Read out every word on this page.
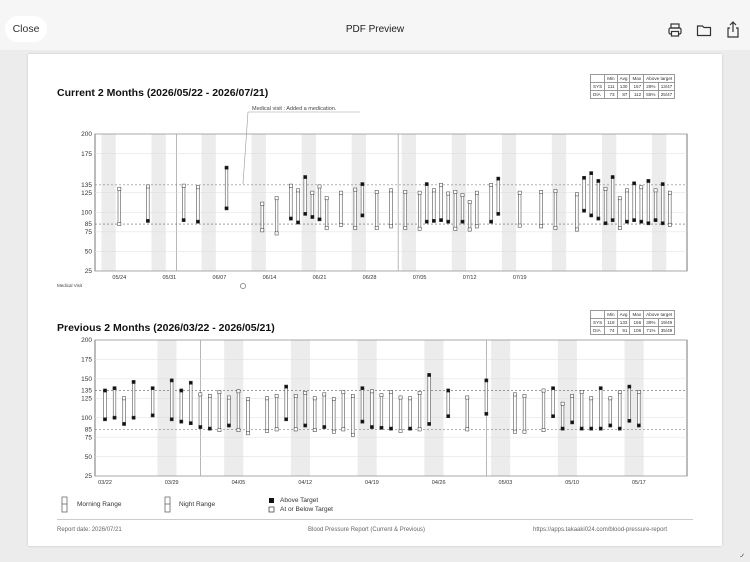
Close	PDF Preview
Current 2 Months (2026/05/22 - 2026/07/21)
	Min	Avg	Max	Above target	
SYS	111	130	157	28%	13/47
DIA	73	87	112	55%	25/47
200
175
135
125
100
85
75
50
25
05/24	05/31	06/07	06/14	06/21	06/28	07/05	07/12	07/19
Medical visit : Added a medication.
Medical Visit
Previous 2 Months (2026/03/22 - 2026/05/21)
	Min	Avg	Max	Above target	
SYS	118	133	156	39%	19/49
DIA	74	91	106	71%	35/49
200
175
150
135
125
100
85
75
50
25
03/22	03/29	04/05	04/12	04/19	04/26	05/03	05/10	05/17
Morning Range	Night Range
Above Target
At or Below Target
Report date: 2026/07/21	Blood Pressure Report (Current & Previous)	https://apps.takaaki024.com/blood-pressure-report
◞
